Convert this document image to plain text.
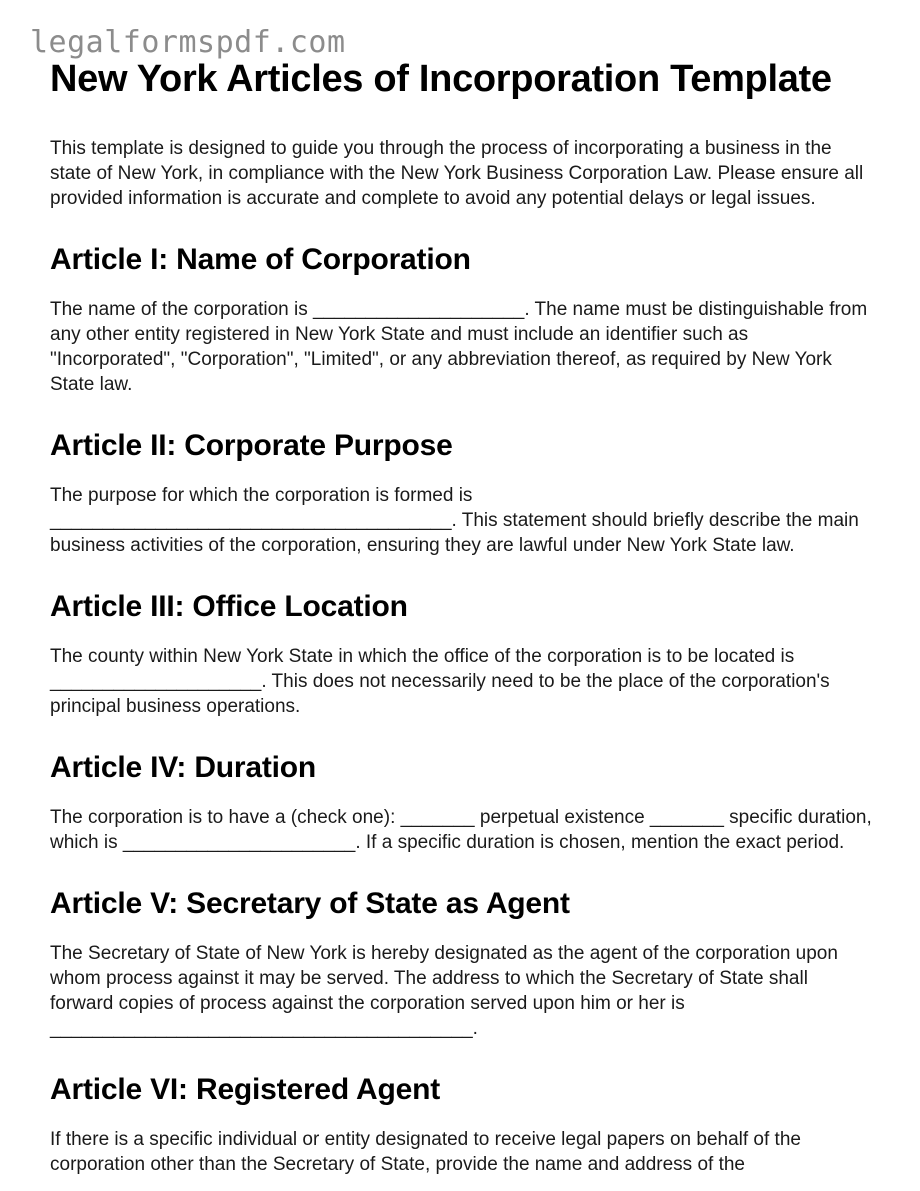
legalformspdf.com
New York Articles of Incorporation Template

This template is designed to guide you through the process of incorporating a business in the state of New York, in compliance with the New York Business Corporation Law. Please ensure all provided information is accurate and complete to avoid any potential delays or legal issues.

Article I: Name of Corporation

The name of the corporation is ____________________. The name must be distinguishable from any other entity registered in New York State and must include an identifier such as "Incorporated", "Corporation", "Limited", or any abbreviation thereof, as required by New York State law.

Article II: Corporate Purpose

The purpose for which the corporation is formed is ______________________________________. This statement should briefly describe the main business activities of the corporation, ensuring they are lawful under New York State law.

Article III: Office Location

The county within New York State in which the office of the corporation is to be located is ____________________. This does not necessarily need to be the place of the corporation's principal business operations.

Article IV: Duration

The corporation is to have a (check one): _______ perpetual existence _______ specific duration, which is ______________________. If a specific duration is chosen, mention the exact period.

Article V: Secretary of State as Agent

The Secretary of State of New York is hereby designated as the agent of the corporation upon whom process against it may be served. The address to which the Secretary of State shall forward copies of process against the corporation served upon him or her is ________________________________________.

Article VI: Registered Agent

If there is a specific individual or entity designated to receive legal papers on behalf of the corporation other than the Secretary of State, provide the name and address of the
